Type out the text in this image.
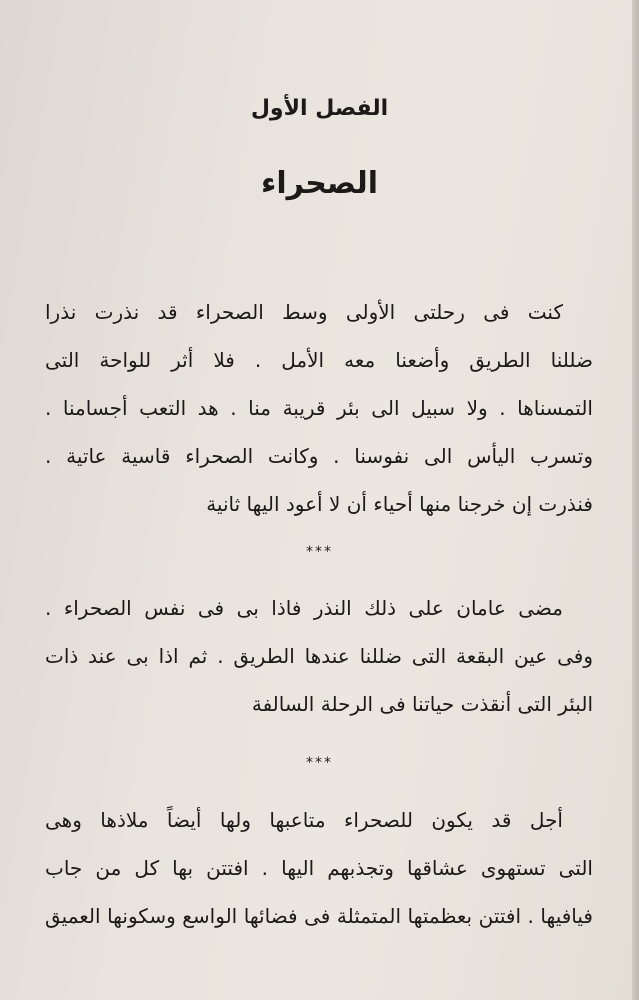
الفصل الأول
الصحراء

كنت فى رحلتى الأولى وسط الصحراء قد نذرت نذرا

ضللنا الطريق وأضعنا معه الأمل . فلا أثر للواحة التى

التمسناها . ولا سبيل الى بئر قريبة منا . هد التعب أجسامنا .

وتسرب اليأس الى نفوسنا . وكانت الصحراء قاسية عاتية .

فنذرت إن خرجنا منها أحياء أن لا أعود اليها ثانية

***

مضى عامان على ذلك النذر فاذا بى فى نفس الصحراء .

وفى عين البقعة التى ضللنا عندها الطريق . ثم اذا بى عند ذات

البئر التى أنقذت حياتنا فى الرحلة السالفة

***

أجل قد يكون للصحراء متاعبها ولها أيضاً ملاذها وهى

التى تستهوى عشاقها وتجذبهم اليها . افتتن بها كل من جاب

فيافيها . افتتن بعظمتها المتمثلة فى فضائها الواسع وسكونها العميق
